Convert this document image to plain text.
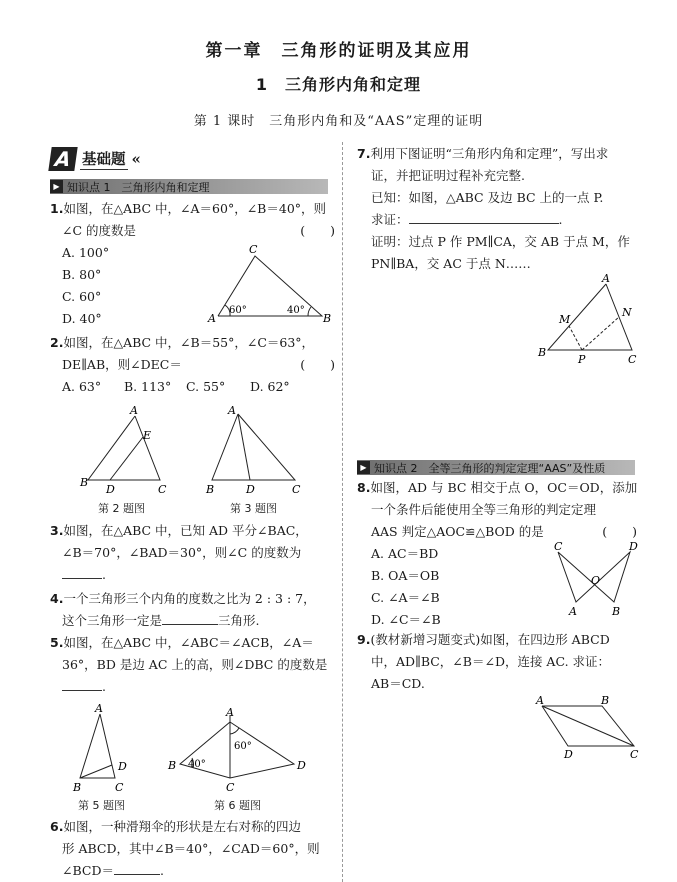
第一章　三角形的证明及其应用
1　三角形内角和定理
第 1 课时　三角形内角和及“AAS”定理的证明
A 基础题 «
▶ 知识点 1　三角形内角和定理
1.如图，在△ABC 中，∠A＝60°，∠B＝40°，则
∠C 的度数是	(　　)
A. 100°
B. 80°
C. 60°
D. 40°
C
A	B
60°	40°
2.如图，在△ABC 中，∠B＝55°，∠C＝63°，
DE∥AB，则∠DEC＝	(　　)
A. 63° B. 113° C. 55° D. 62°
A
B
D	C
E
第 2 题图
A
B	D	C
第 3 题图
3.如图，在△ABC 中，已知 AD 平分∠BAC，
∠B＝70°，∠BAD＝30°，则∠C 的度数为
.
4.一个三角形三个内角的度数之比为 2 : 3 : 7，
这个三角形一定是	三角形.
5.如图，在△ABC 中，∠ABC＝∠ACB，∠A＝
36°，BD 是边 AC 上的高，则∠DBC 的度数是
.
A
B	C
D
第 5 题图
A
B
C
D
40°
60°
第 6 题图
6.如图，一种滑翔伞的形状是左右对称的四边
形 ABCD，其中∠B＝40°，∠CAD＝60°，则
∠BCD＝	.
7.利用下图证明“三角形内角和定理”，写出求
证，并把证明过程补充完整.
已知：如图，△ABC 及边 BC 上的一点 P.
求证：	.
证明：过点 P 作 PM∥CA，交 AB 于点 M，作
PN∥BA，交 AC 于点 N……
A
B
C
P
M
N
▶ 知识点 2　全等三角形的判定定理“AAS”及性质
8.如图，AD 与 BC 相交于点 O，OC＝OD，添加
一个条件后能使用全等三角形的判定定理
AAS 判定△AOC≌△BOD 的是	(　　)
A. AC＝BD
B. OA＝OB
C. ∠A＝∠B
D. ∠C＝∠B
C	D
O
A	B
9.(教材新增习题变式)如图，在四边形 ABCD
中，AD∥BC，∠B＝∠D，连接 AC. 求证：
AB＝CD.
A	B
D	C
